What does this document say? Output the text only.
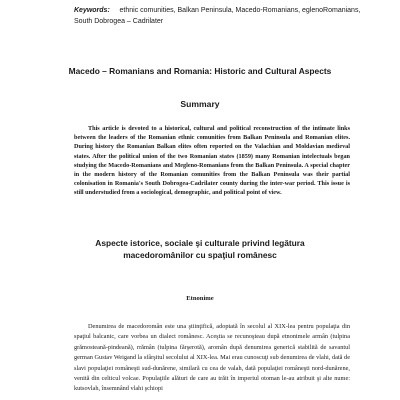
Keywords: ethnic comunities, Balkan Peninsula, Macedo-Romanians, eglenoRomanians, South Dobrogea – Cadrilater
Macedo – Romanians and Romania: Historic and Cultural Aspects
Summary
This article is devoted to a historical, cultural and political reconstruction of the intimate links between the leaders of the Romanian ethnic comunities from Balkan Peninsula and Romanian elites. During history the Romanian Balkan elites often reported on the Valachian and Moldavian medieval states. After the political union of the two Romanian states (1859) many Romanian intelectuals began studying the Macedo-Romanians and Megleno-Romanians from the Balkan Peninsula. A special chapter in the modern history of the Romanian comunities from the Balkan Peninsula was their partial colonisation in Romania's South Dobrogea-Cadrilater county during the inter-war period. This issue is still understudied from a sociological, demographic, and political point of view.
Aspecte istorice, sociale şi culturale privind legătura macedoromânilor cu spaţiul românesc
Etnonime
Denumirea de macedoromân este una ştiinţifică, adoptată în secolul al XIX-lea pentru populaţia din spaţiul balcanic, care vorbea un dialect românesc. Aceştia se recunoşteau după etnonimele armân (tulpina grămosteană-pindeană), rrămân (tulpina fărşerotă), aromân după denumirea generică stabilită de savantul german Gustav Weigand la sfârşitul secolului al XIX-lea. Mai erau cunoscuţi sub denumirea de vlahi, dată de slavi populaţiei româneşti sud-dunărene, similară cu cea de valah, dată populaţiei româneşti nord-dunărene, venită din celticul volcae. Populaţiile alături de care au trăit în imperiul otoman le-au atribuit şi alte nume: kutsovlah, însemnând vlahi şchiopi
